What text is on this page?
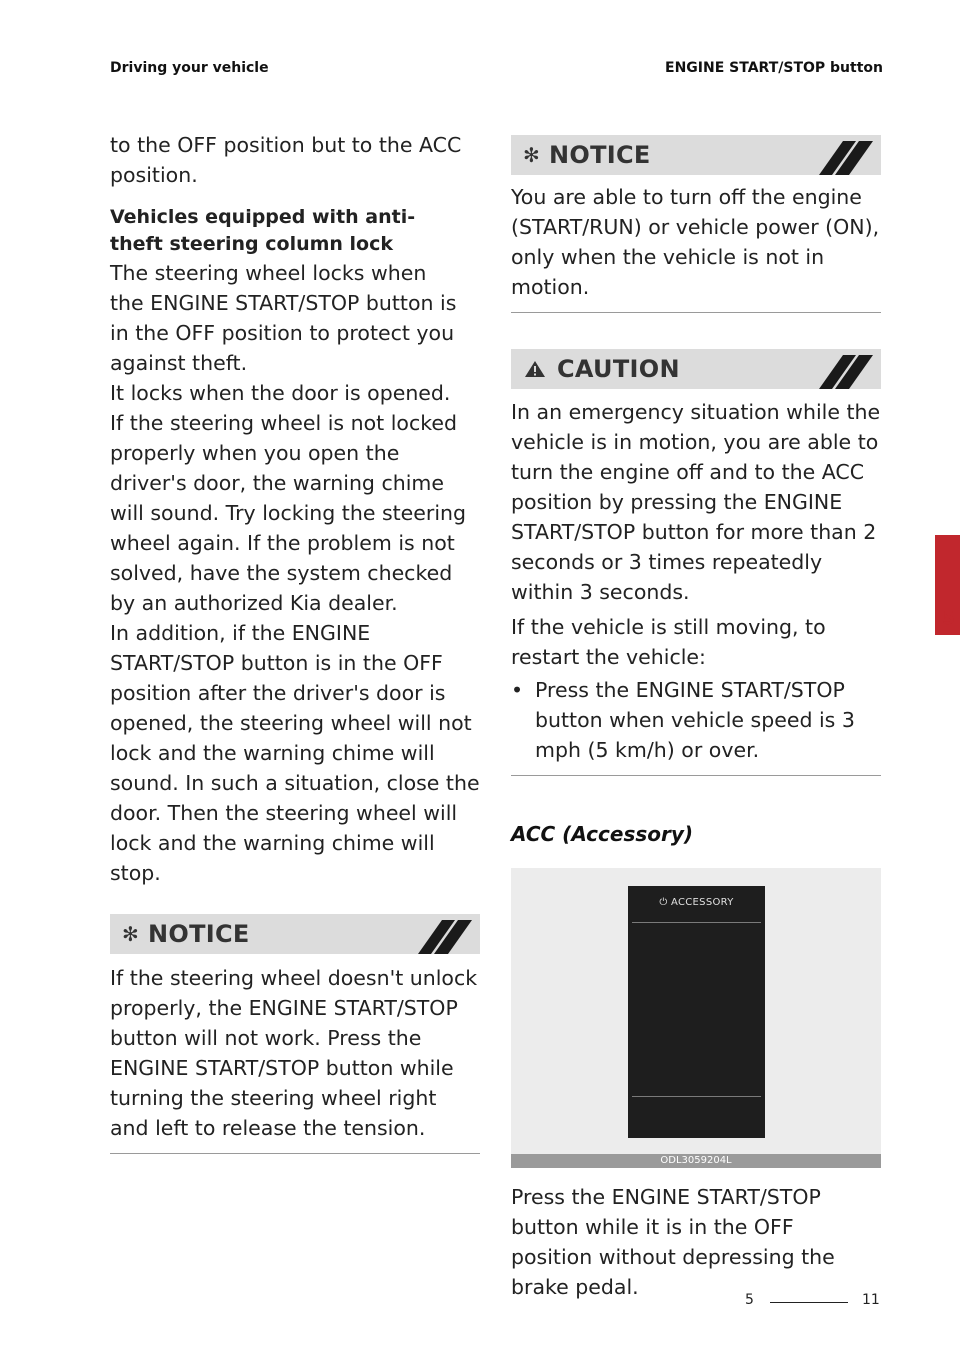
Driving your vehicle	ENGINE START/STOP button

to the OFF position but to the ACC position.

Vehicles equipped with anti-theft steering column lock

The steering wheel locks when the ENGINE START/STOP button is in the OFF position to protect you against theft.

It locks when the door is opened.

If the steering wheel is not locked properly when you open the driver's door, the warning chime will sound. Try locking the steering wheel again. If the problem is not solved, have the system checked by an authorized Kia dealer.

In addition, if the ENGINE START/STOP button is in the OFF position after the driver's door is opened, the steering wheel will not lock and the warning chime will sound. In such a situation, close the door. Then the steering wheel will lock and the warning chime will stop.

✻ NOTICE

If the steering wheel doesn't unlock properly, the ENGINE START/STOP button will not work. Press the ENGINE START/STOP button while turning the steering wheel right and left to release the tension.

✻ NOTICE

You are able to turn off the engine (START/RUN) or vehicle power (ON), only when the vehicle is not in motion.

CAUTION

In an emergency situation while the vehicle is in motion, you are able to turn the engine off and to the ACC position by pressing the ENGINE START/STOP button for more than 2 seconds or 3 times repeatedly within 3 seconds.

If the vehicle is still moving, to restart the vehicle:

• Press the ENGINE START/STOP button when vehicle speed is 3 mph (5 km/h) or over.
ACC (Accessory)
⏻ ACCESSORY
ODL3059204L

Press the ENGINE START/STOP button while it is in the OFF position without depressing the brake pedal.

5
5	11
